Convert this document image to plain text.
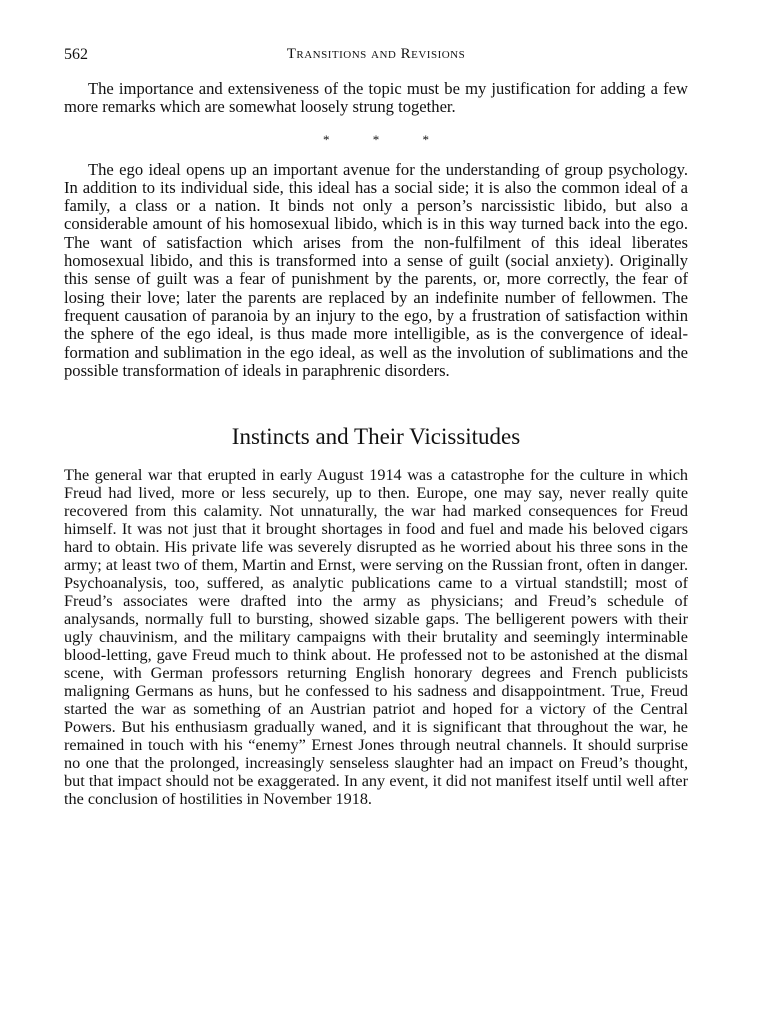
562	Transitions and Revisions

The importance and extensiveness of the topic must be my justification for adding a few more remarks which are somewhat loosely strung together.

* * *

The ego ideal opens up an important avenue for the understanding of group psychology. In addition to its individual side, this ideal has a social side; it is also the common ideal of a family, a class or a nation. It binds not only a person’s narcissistic libido, but also a considerable amount of his homosexual libido, which is in this way turned back into the ego. The want of satisfaction which arises from the non-fulfilment of this ideal liberates homosexual libido, and this is transformed into a sense of guilt (social anxiety). Originally this sense of guilt was a fear of punishment by the parents, or, more correctly, the fear of losing their love; later the parents are replaced by an indefinite number of fellowmen. The frequent causation of paranoia by an injury to the ego, by a frustration of satisfaction within the sphere of the ego ideal, is thus made more intelligible, as is the convergence of ideal-formation and sublimation in the ego ideal, as well as the involution of sublimations and the possible transformation of ideals in paraphrenic disorders.

Instincts and Their Vicissitudes

The general war that erupted in early August 1914 was a catastrophe for the culture in which Freud had lived, more or less securely, up to then. Europe, one may say, never really quite recovered from this calamity. Not unnaturally, the war had marked consequences for Freud himself. It was not just that it brought shortages in food and fuel and made his beloved cigars hard to obtain. His private life was severely disrupted as he worried about his three sons in the army; at least two of them, Martin and Ernst, were serving on the Russian front, often in danger. Psychoanalysis, too, suffered, as analytic publications came to a virtual standstill; most of Freud’s associates were drafted into the army as physicians; and Freud’s schedule of analysands, normally full to bursting, showed sizable gaps. The belligerent powers with their ugly chauvinism, and the military campaigns with their brutality and seemingly interminable blood-letting, gave Freud much to think about. He professed not to be astonished at the dismal scene, with German professors returning English honorary degrees and French publicists maligning Germans as huns, but he confessed to his sadness and disappointment. True, Freud started the war as something of an Austrian patriot and hoped for a victory of the Central Powers. But his enthusiasm gradually waned, and it is significant that throughout the war, he remained in touch with his “enemy” Ernest Jones through neutral channels. It should surprise no one that the prolonged, increasingly senseless slaughter had an impact on Freud’s thought, but that impact should not be exaggerated. In any event, it did not manifest itself until well after the conclusion of hostilities in November 1918.
